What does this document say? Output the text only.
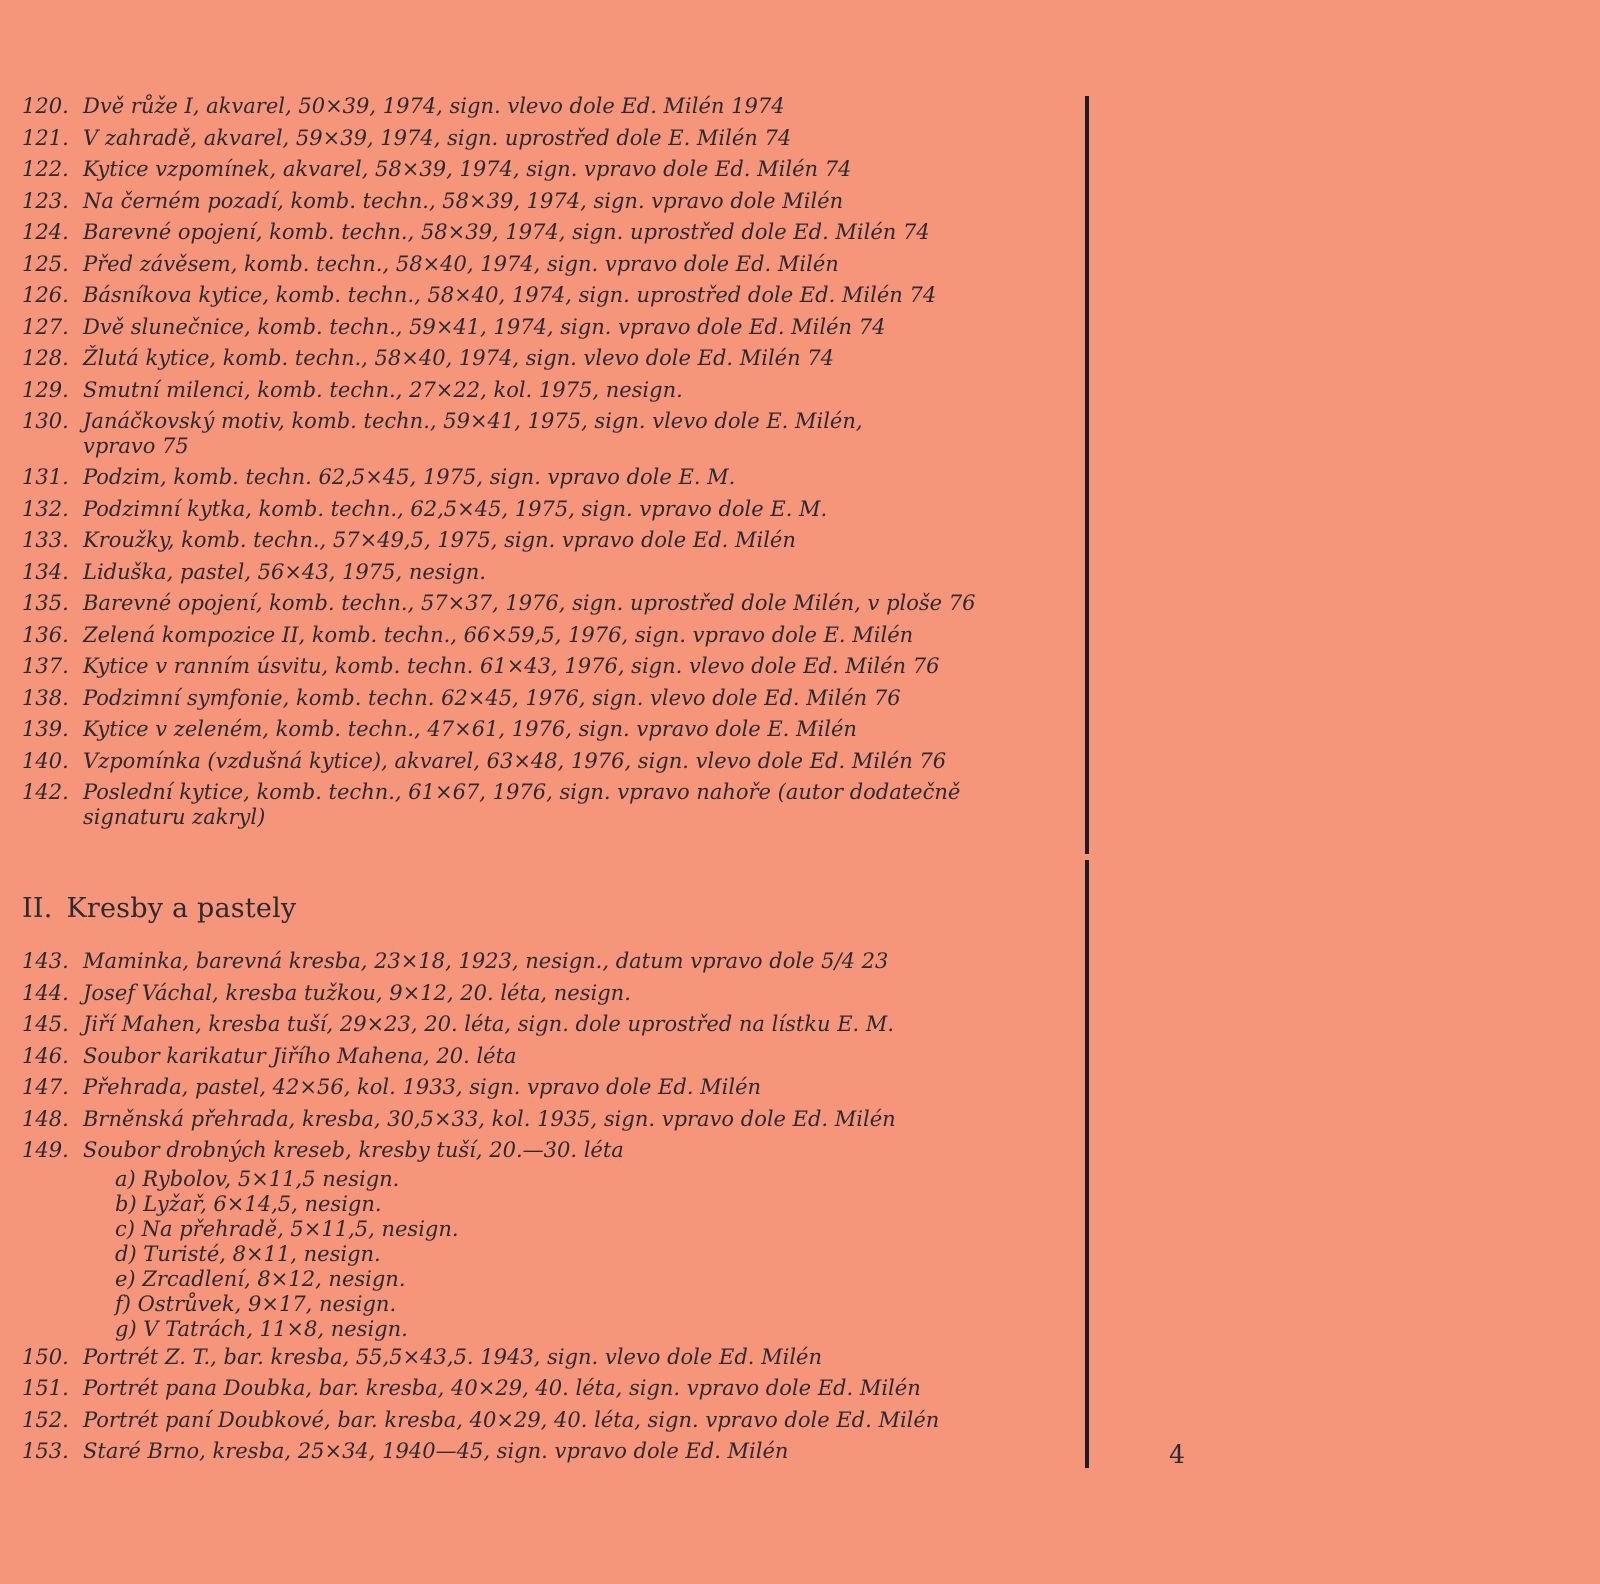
120. Dvě růže I, akvarel, 50×39, 1974, sign. vlevo dole Ed. Milén 1974
121. V zahradě, akvarel, 59×39, 1974, sign. uprostřed dole E. Milén 74
122. Kytice vzpomínek, akvarel, 58×39, 1974, sign. vpravo dole Ed. Milén 74
123. Na černém pozadí, komb. techn., 58×39, 1974, sign. vpravo dole Milén
124. Barevné opojení, komb. techn., 58×39, 1974, sign. uprostřed dole Ed. Milén 74
125. Před závěsem, komb. techn., 58×40, 1974, sign. vpravo dole Ed. Milén
126. Básníkova kytice, komb. techn., 58×40, 1974, sign. uprostřed dole Ed. Milén 74
127. Dvě slunečnice, komb. techn., 59×41, 1974, sign. vpravo dole Ed. Milén 74
128. Žlutá kytice, komb. techn., 58×40, 1974, sign. vlevo dole Ed. Milén 74
129. Smutní milenci, komb. techn., 27×22, kol. 1975, nesign.
130. Janáčkovský motiv, komb. techn., 59×41, 1975, sign. vlevo dole E. Milén,
vpravo 75
131. Podzim, komb. techn. 62,5×45, 1975, sign. vpravo dole E. M.
132. Podzimní kytka, komb. techn., 62,5×45, 1975, sign. vpravo dole E. M.
133. Kroužky, komb. techn., 57×49,5, 1975, sign. vpravo dole Ed. Milén
134. Liduška, pastel, 56×43, 1975, nesign.
135. Barevné opojení, komb. techn., 57×37, 1976, sign. uprostřed dole Milén, v ploše 76
136. Zelená kompozice II, komb. techn., 66×59,5, 1976, sign. vpravo dole E. Milén
137. Kytice v ranním úsvitu, komb. techn. 61×43, 1976, sign. vlevo dole Ed. Milén 76
138. Podzimní symfonie, komb. techn. 62×45, 1976, sign. vlevo dole Ed. Milén 76
139. Kytice v zeleném, komb. techn., 47×61, 1976, sign. vpravo dole E. Milén
140. Vzpomínka (vzdušná kytice), akvarel, 63×48, 1976, sign. vlevo dole Ed. Milén 76
142. Poslední kytice, komb. techn., 61×67, 1976, sign. vpravo nahoře (autor dodatečně
signaturu zakryl)
II. Kresby a pastely
143. Maminka, barevná kresba, 23×18, 1923, nesign., datum vpravo dole 5/4 23
144. Josef Váchal, kresba tužkou, 9×12, 20. léta, nesign.
145. Jiří Mahen, kresba tuší, 29×23, 20. léta, sign. dole uprostřed na lístku E. M.
146. Soubor karikatur Jiřího Mahena, 20. léta
147. Přehrada, pastel, 42×56, kol. 1933, sign. vpravo dole Ed. Milén
148. Brněnská přehrada, kresba, 30,5×33, kol. 1935, sign. vpravo dole Ed. Milén
149. Soubor drobných kreseb, kresby tuší, 20.—30. léta
a) Rybolov, 5×11,5 nesign.
b) Lyžař, 6×14,5, nesign.
c) Na přehradě, 5×11,5, nesign.
d) Turisté, 8×11, nesign.
e) Zrcadlení, 8×12, nesign.
f) Ostrůvek, 9×17, nesign.
g) V Tatrách, 11×8, nesign.
150. Portrét Z. T., bar. kresba, 55,5×43,5. 1943, sign. vlevo dole Ed. Milén
151. Portrét pana Doubka, bar. kresba, 40×29, 40. léta, sign. vpravo dole Ed. Milén
152. Portrét paní Doubkové, bar. kresba, 40×29, 40. léta, sign. vpravo dole Ed. Milén
153. Staré Brno, kresba, 25×34, 1940—45, sign. vpravo dole Ed. Milén	4
